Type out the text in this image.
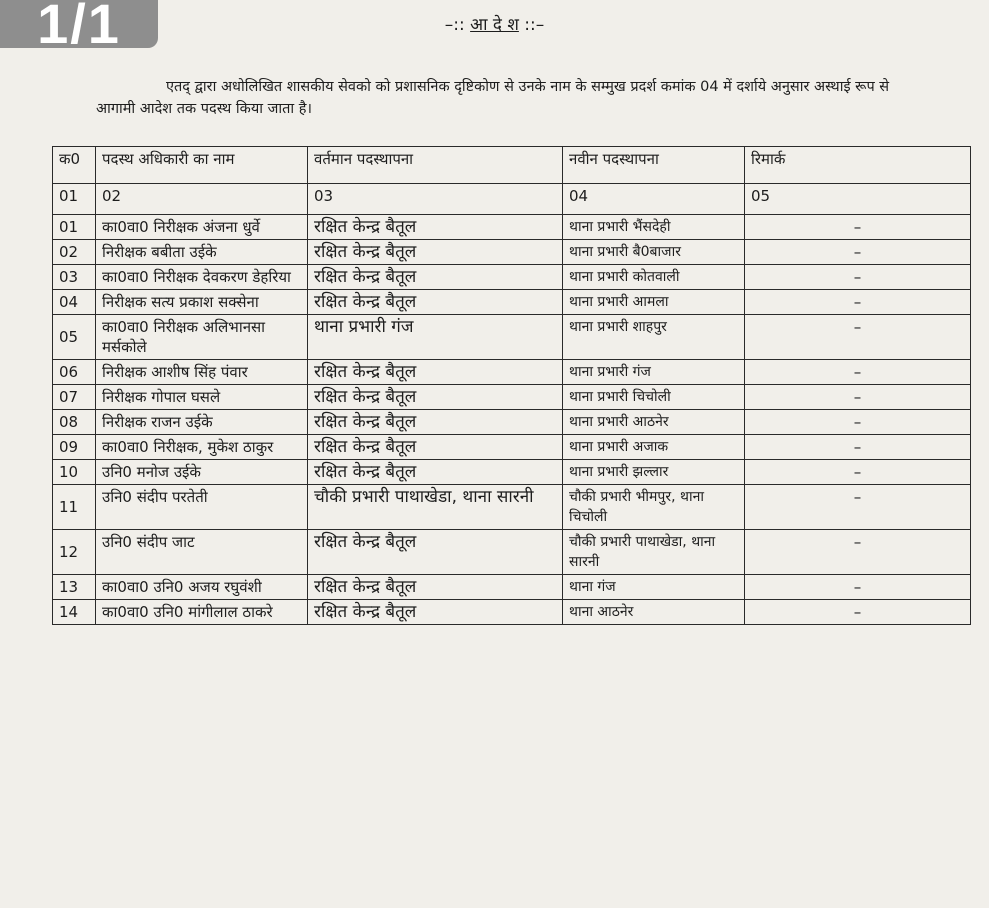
1/1	–:: आ दे श ::–
एतद् द्वारा अधोलिखित शासकीय सेवको को प्रशासनिक दृष्टिकोण से उनके नाम के सम्मुख प्रदर्श कमांक 04 में दर्शाये अनुसार अस्थाई रूप से आगामी आदेश तक पदस्थ किया जाता है।
क0	पदस्थ अधिकारी का नाम	वर्तमान पदस्थापना	नवीन पदस्थापना	रिमार्क
01	02	03	04	05
01	का0वा0 निरीक्षक अंजना धुर्वे	रक्षित केन्द्र बैतूल	थाना प्रभारी भैंसदेही	–
02	निरीक्षक बबीता उईके	रक्षित केन्द्र बैतूल	थाना प्रभारी बै0बाजार	–
03	का0वा0 निरीक्षक देवकरण डेहरिया	रक्षित केन्द्र बैतूल	थाना प्रभारी कोतवाली	–
04	निरीक्षक सत्य प्रकाश सक्सेना	रक्षित केन्द्र बैतूल	थाना प्रभारी आमला	–
05	का0वा0 निरीक्षक अलिभानसा मर्सकोले	थाना प्रभारी गंज	थाना प्रभारी शाहपुर	–
06	निरीक्षक आशीष सिंह पंवार	रक्षित केन्द्र बैतूल	थाना प्रभारी गंज	–
07	निरीक्षक गोपाल घसले	रक्षित केन्द्र बैतूल	थाना प्रभारी चिचोली	–
08	निरीक्षक राजन उईके	रक्षित केन्द्र बैतूल	थाना प्रभारी आठनेर	–
09	का0वा0 निरीक्षक, मुकेश ठाकुर	रक्षित केन्द्र बैतूल	थाना प्रभारी अजाक	–
10	उनि0 मनोज उईके	रक्षित केन्द्र बैतूल	थाना प्रभारी झल्लार	–
11	उनि0 संदीप परतेती	चौकी प्रभारी पाथाखेडा, थाना सारनी	चौकी प्रभारी भीमपुर, थाना चिचोली	–
12	उनि0 संदीप जाट	रक्षित केन्द्र बैतूल	चौकी प्रभारी पाथाखेडा, थाना सारनी	–
13	का0वा0 उनि0 अजय रघुवंशी	रक्षित केन्द्र बैतूल	थाना गंज	–
14	का0वा0 उनि0 मांगीलाल ठाकरे	रक्षित केन्द्र बैतूल	थाना आठनेर	–
